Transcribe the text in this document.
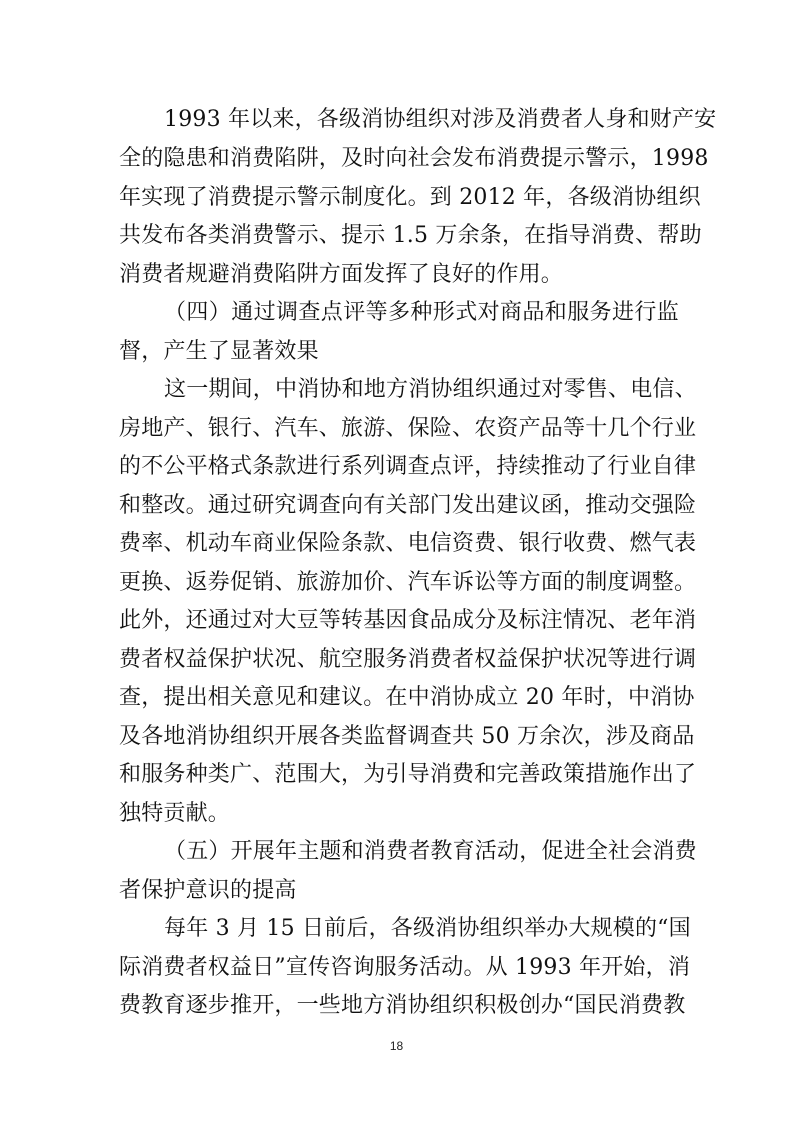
1993 年以来，各级消协组织对涉及消费者人身和财产安
全的隐患和消费陷阱，及时向社会发布消费提示警示，1998
年实现了消费提示警示制度化。到 2012 年，各级消协组织
共发布各类消费警示、提示 1.5 万余条，在指导消费、帮助
消费者规避消费陷阱方面发挥了良好的作用。
（四）通过调查点评等多种形式对商品和服务进行监
督，产生了显著效果
这一期间，中消协和地方消协组织通过对零售、电信、
房地产、银行、汽车、旅游、保险、农资产品等十几个行业
的不公平格式条款进行系列调查点评，持续推动了行业自律
和整改。通过研究调查向有关部门发出建议函，推动交强险
费率、机动车商业保险条款、电信资费、银行收费、燃气表
更换、返券促销、旅游加价、汽车诉讼等方面的制度调整。
此外，还通过对大豆等转基因食品成分及标注情况、老年消
费者权益保护状况、航空服务消费者权益保护状况等进行调
查，提出相关意见和建议。在中消协成立 20 年时，中消协
及各地消协组织开展各类监督调查共 50 万余次，涉及商品
和服务种类广、范围大，为引导消费和完善政策措施作出了
独特贡献。
（五）开展年主题和消费者教育活动，促进全社会消费
者保护意识的提高
每年 3 月 15 日前后，各级消协组织举办大规模的“国
际消费者权益日”宣传咨询服务活动。从 1993 年开始，消
费教育逐步推开，一些地方消协组织积极创办“国民消费教
18
